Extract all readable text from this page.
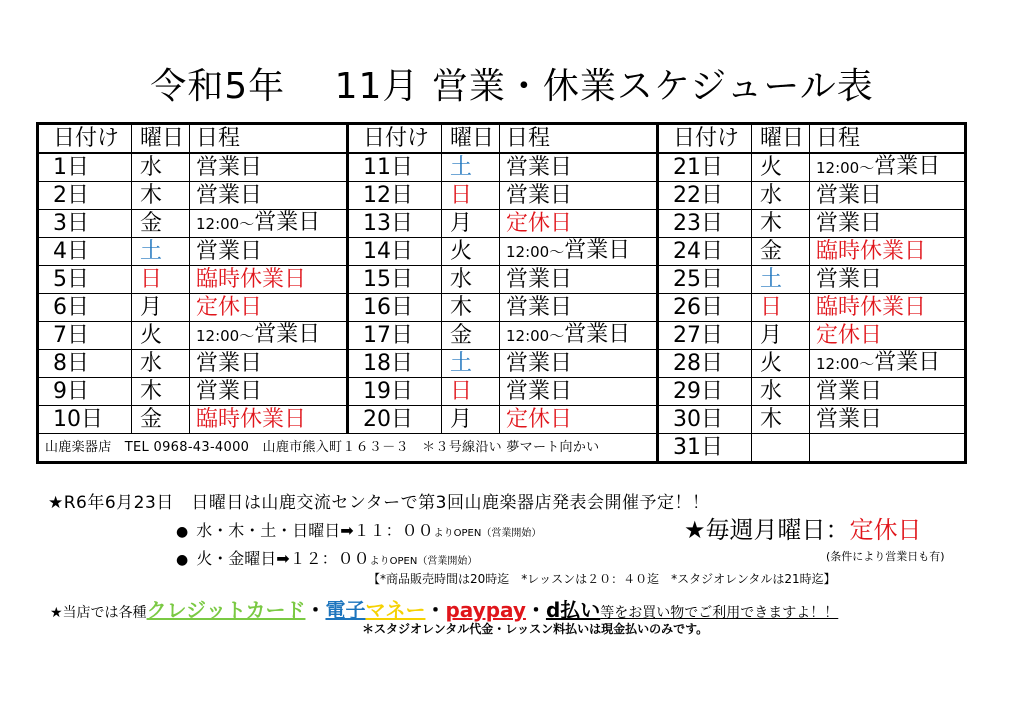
令和5年　 11月 営業・休業スケジュール表
日付け	曜日	日程	日付け	曜日	日程	日付け	曜日	日程
1日	水	営業日	11日	土	営業日	21日	火	12:00～営業日
2日	木	営業日	12日	日	営業日	22日	水	営業日
3日	金	12:00～営業日	13日	月	定休日	23日	木	営業日
4日	土	営業日	14日	火	12:00～営業日	24日	金	臨時休業日
5日	日	臨時休業日	15日	水	営業日	25日	土	営業日
6日	月	定休日	16日	木	営業日	26日	日	臨時休業日
7日	火	12:00～営業日	17日	金	12:00～営業日	27日	月	定休日
8日	水	営業日	18日	土	営業日	28日	火	12:00～営業日
9日	木	営業日	19日	日	営業日	29日	水	営業日
10日	金	臨時休業日	20日	月	定休日	30日	木	営業日
山鹿楽器店　TEL 0968-43-4000　山鹿市熊入町１６３－３　＊３号線沿い 夢マート向かい						31日		
★R6年6月23日　日曜日は山鹿交流センターで第3回山鹿楽器店発表会開催予定！！
● 水・木・土・日曜日➡１１：００よりOPEN（営業開始）
● 火・金曜日➡１２：００よりOPEN（営業開始）
★毎週月曜日：定休日
(条件により営業日も有)
【*商品販売時間は20時迄　*レッスンは２０：４０迄　*スタジオレンタルは21時迄】
★当店では各種クレジットカード・電子マネー・paypay・d払い等をお買い物でご利用できますよ！！
＊スタジオレンタル代金・レッスン料払いは現金払いのみです。
